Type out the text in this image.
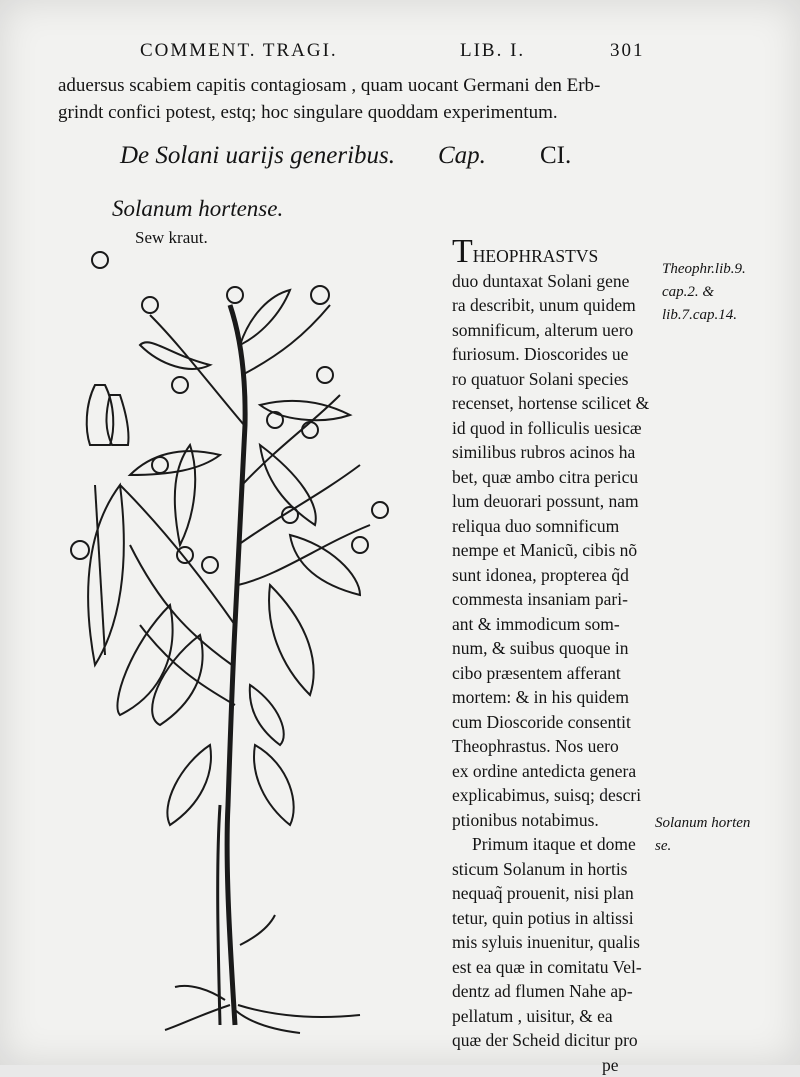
COMMENT. TRAGI.	LIB. I.	301
aduersus scabiem capitis contagiosam , quam uocant Germani den Erb-
grindt confici potest, estq; hoc singulare quoddam experimentum.
De Solani uarijs generibus. Cap. CI.
Solanum hortense.
Sew kraut.	THEOPHRASTVS
duo duntaxat Solani gene
ra describit, unum quidem
somnificum, alterum uero
furiosum. Dioscorides ue
ro quatuor Solani species
recenset, hortense scilicet &
id quod in folliculis uesicæ
similibus rubros acinos ha
bet, quæ ambo citra pericu
lum deuorari possunt, nam
reliqua duo somnificum
nempe et Manicũ, cibis nõ
sunt idonea, propterea q̃d
commesta insaniam pari-
ant & immodicum som-
num, & suibus quoque in
cibo præsentem afferant
mortem: & in his quidem
cum Dioscoride consentit
Theophrastus. Nos uero
ex ordine antedicta genera
explicabimus, suisq; descri
ptionibus notabimus.
Primum itaque et dome
sticum Solanum in hortis
nequaq̃ prouenit, nisi plan
tetur, quin potius in altissi
mis syluis inuenitur, qualis
est ea quæ in comitatu Vel-
dentz ad flumen Nahe ap-
pellatum , uisitur, & ea
quæ der Scheid dicitur pro
pe
Theophr.lib.9.
cap.2. &
lib.7.cap.14.
Solanum horten
se.
